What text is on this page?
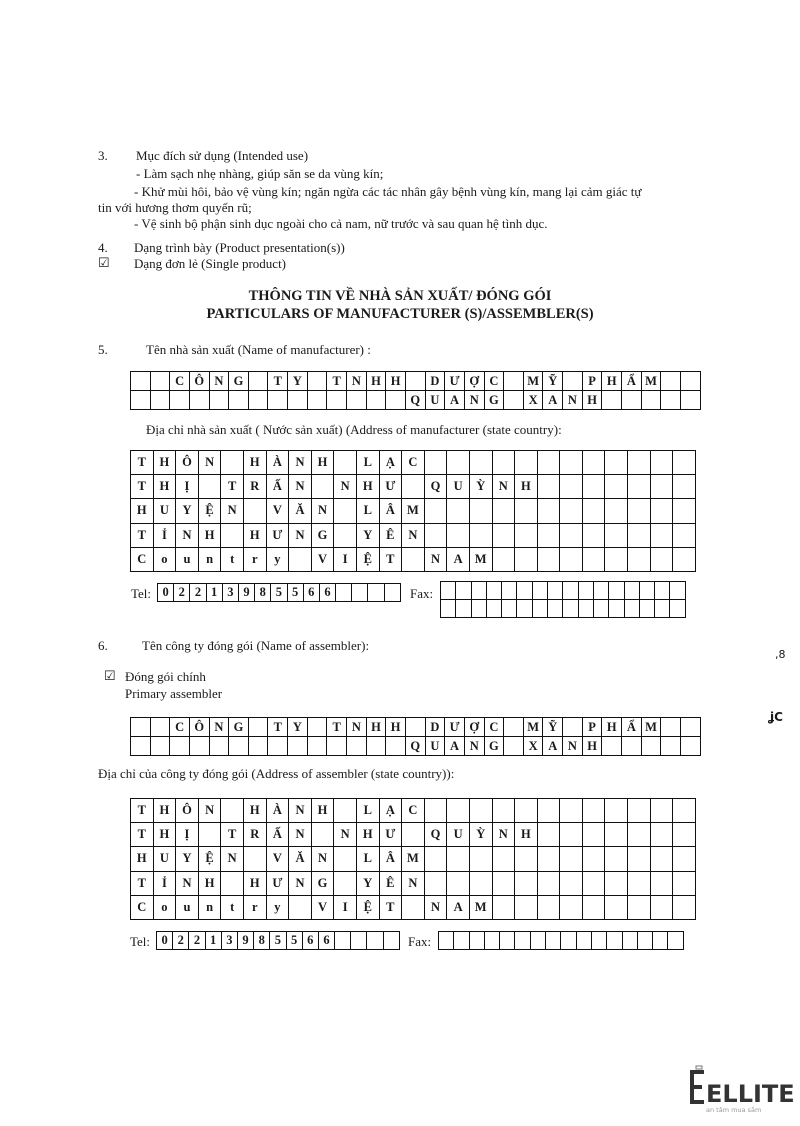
3. Mục đích sử dụng (Intended use)
- Làm sạch nhẹ nhàng, giúp săn se da vùng kín;
- Khử mùi hôi, bảo vệ vùng kín; ngăn ngừa các tác nhân gây bệnh vùng kín, mang lại cảm giác tự
tin với hương thơm quyến rũ;
- Vệ sinh bộ phận sinh dục ngoài cho cả nam, nữ trước và sau quan hệ tình dục.
4. Dạng trình bày (Product presentation(s))
☑ Dạng đơn lẻ (Single product)
THÔNG TIN VỀ NHÀ SẢN XUẤT/ ĐÓNG GÓI
PARTICULARS OF MANUFACTURER (S)/ASSEMBLER(S)
5.	Tên nhà sản xuất (Name of manufacturer) :
		C	Ô	N	G		T	Y		T	N	H	H		D	Ư	Ợ	C		M	Ỹ		P	H	Ẩ	M		
														Q	U	A	N	G		X	A	N	H					
Địa chỉ nhà sản xuất ( Nước sản xuất) (Address of manufacturer (state country):
T	H	Ô	N		H	À	N	H		L	Ạ	C												
T	H	Ị		T	R	Ấ	N		N	H	Ư		Q	U	Ỳ	N	H							
H	U	Y	Ệ	N		V	Ă	N		L	Â	M												
T	Ỉ	N	H		H	Ư	N	G		Y	Ê	N												
C	o	u	n	t	r	y		V	I	Ệ	T		N	A	M									
Tel: 0	2	2	1	3	9	8	5	5	6	6					Fax:

6.	Tên công ty đóng gói (Name of assembler):
☑ Đóng gói chính
Primary assembler
		C	Ô	N	G		T	Y		T	N	H	H		D	Ư	Ợ	C		M	Ỹ		P	H	Ẩ	M		
														Q	U	A	N	G		X	A	N	H					
Địa chỉ của công ty đóng gói (Address of assembler (state country)):
T	H	Ô	N		H	À	N	H		L	Ạ	C												
T	H	Ị		T	R	Ấ	N		N	H	Ư		Q	U	Ỳ	N	H							
H	U	Y	Ệ	N		V	Ă	N		L	Â	M												
T	Ỉ	N	H		H	Ư	N	G		Y	Ê	N												
C	o	u	n	t	r	y		V	I	Ệ	T		N	A	M									
Tel: 0	2	2	1	3	9	8	5	5	6	6					Fax:

,8
ʝC
ELLITE
an tâm mua sắm
